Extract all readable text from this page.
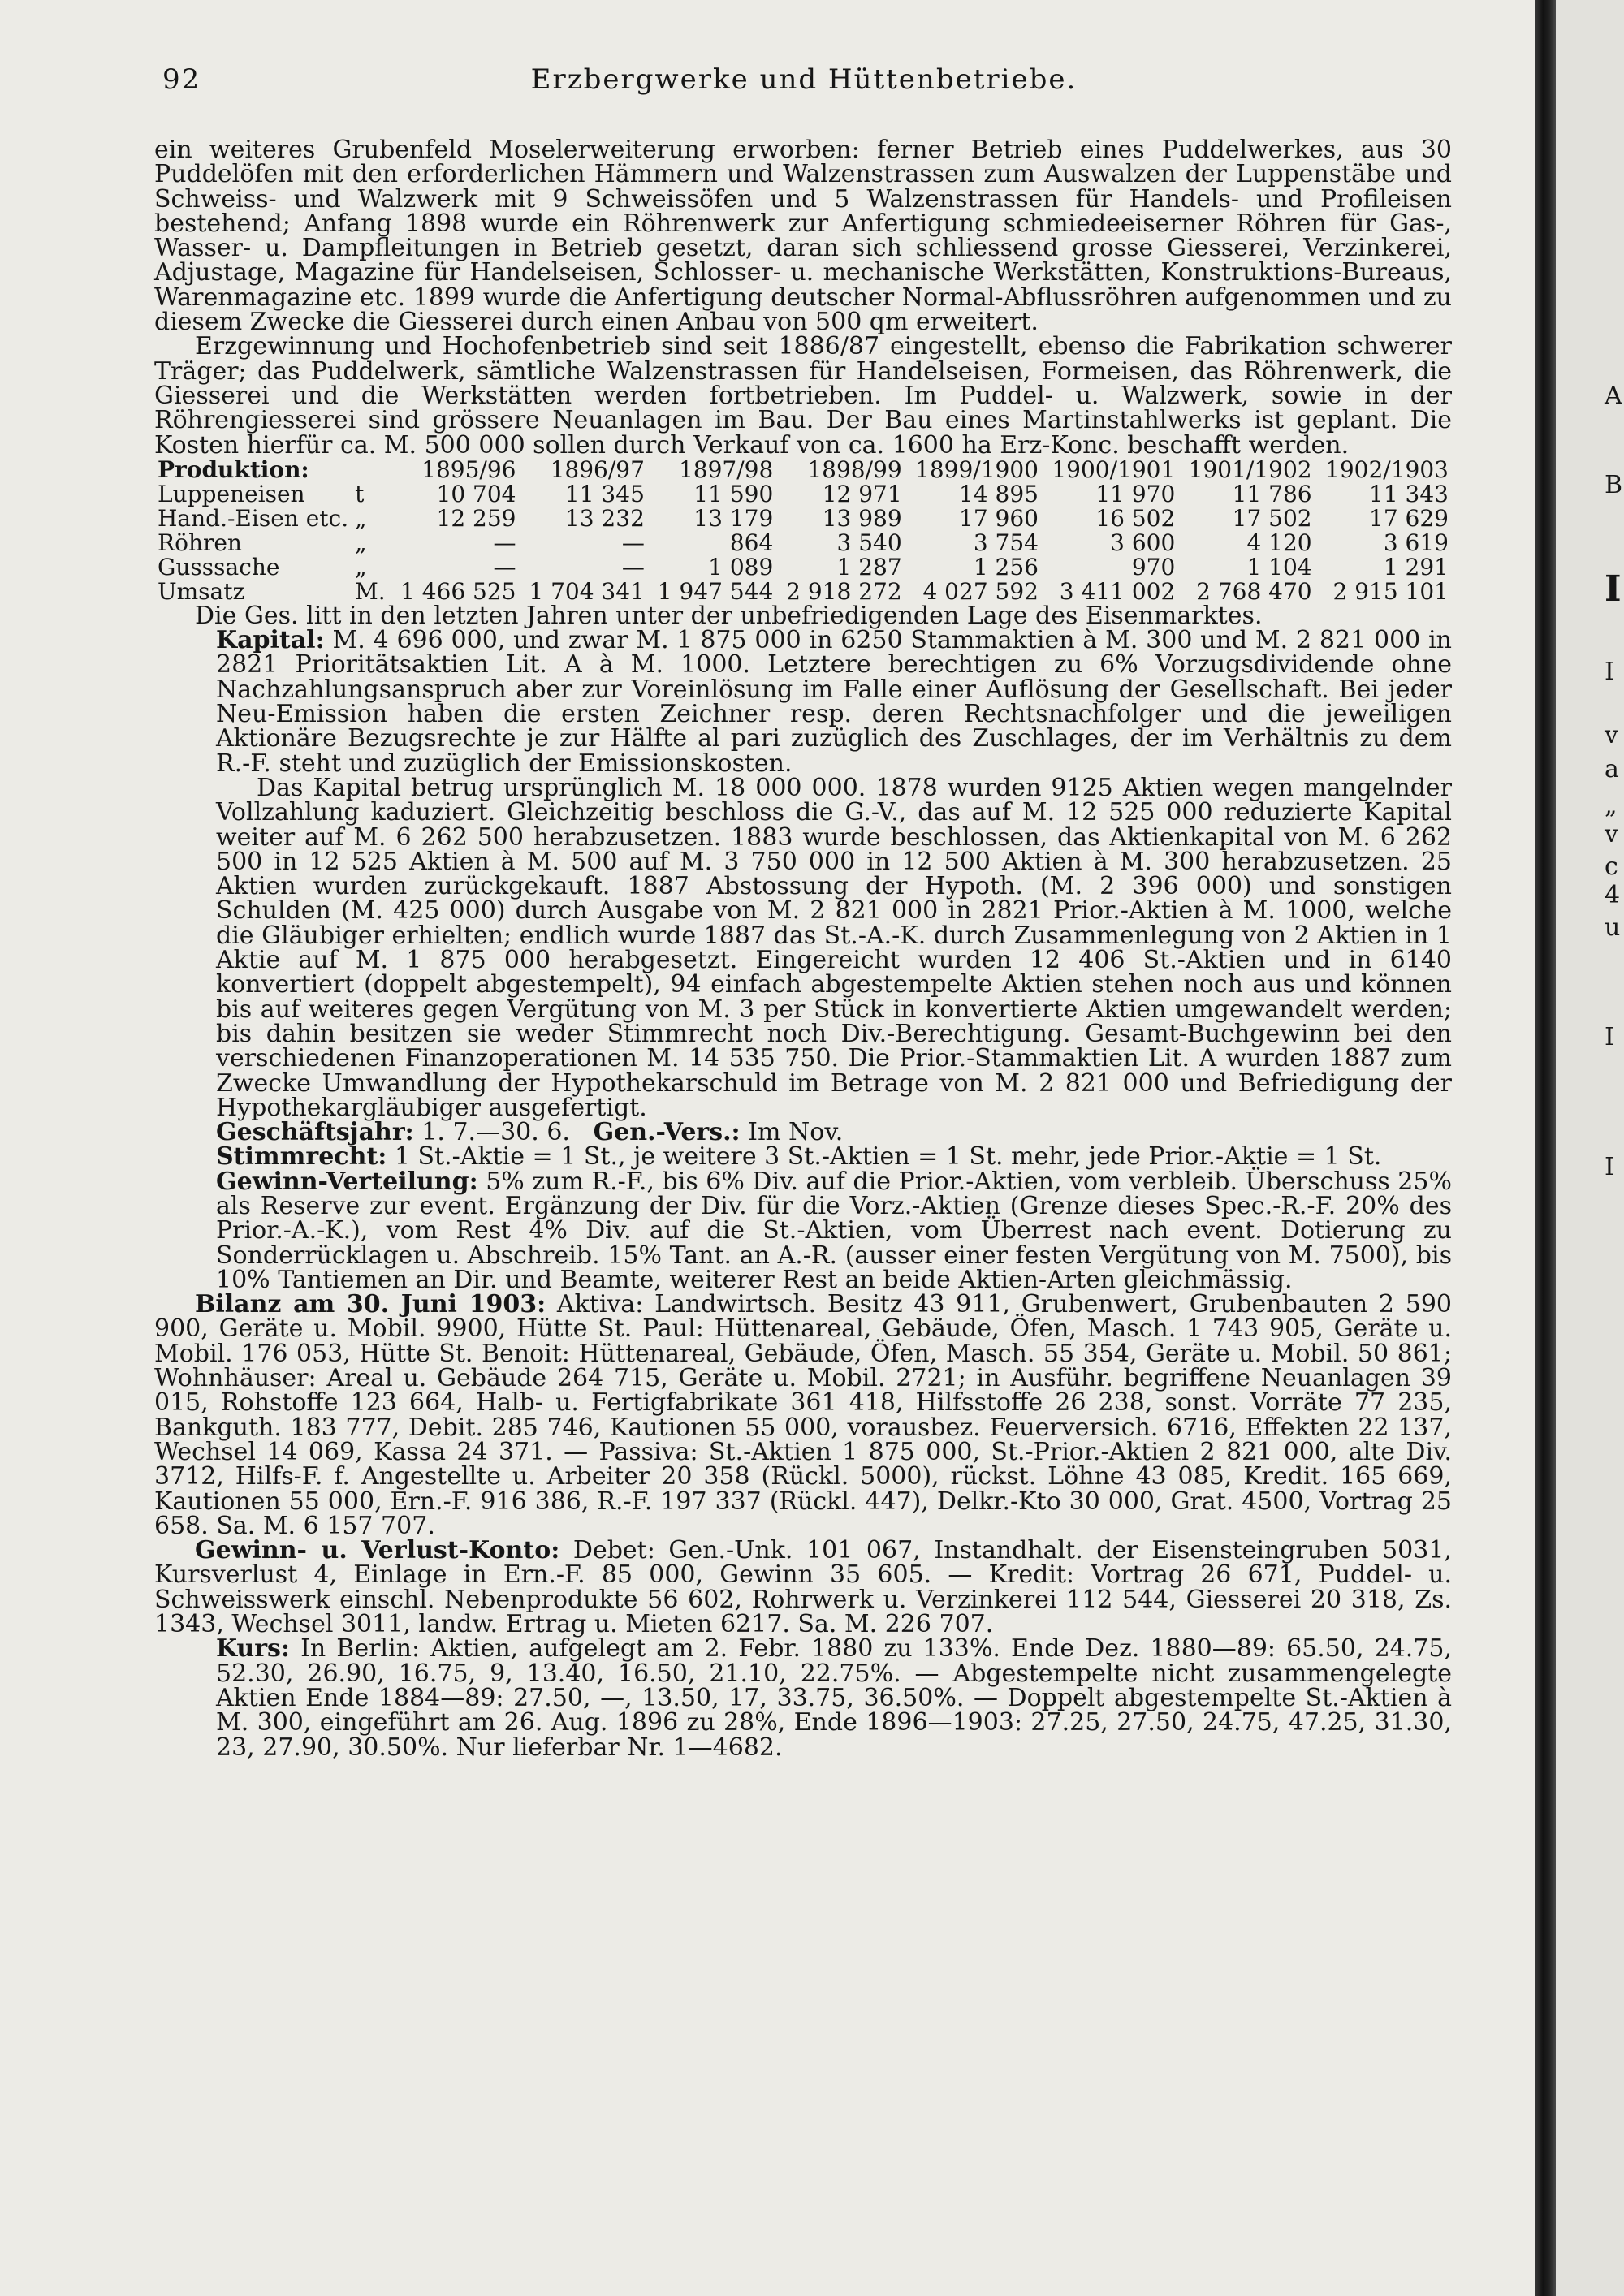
92	Erzbergwerke und Hüttenbetriebe.

ein weiteres Grubenfeld Moselerweiterung erworben: ferner Betrieb eines Puddelwerkes, aus 30 Puddelöfen mit den erforderlichen Hämmern und Walzenstrassen zum Auswalzen der Luppenstäbe und Schweiss- und Walzwerk mit 9 Schweissöfen und 5 Walzenstrassen für Handels- und Profileisen bestehend; Anfang 1898 wurde ein Röhrenwerk zur Anfertigung schmiedeeiserner Röhren für Gas-, Wasser- u. Dampfleitungen in Betrieb gesetzt, daran sich schliessend grosse Giesserei, Verzinkerei, Adjustage, Magazine für Handelseisen, Schlosser- u. mechanische Werkstätten, Konstruktions-Bureaus, Warenmagazine etc. 1899 wurde die Anfertigung deutscher Normal-Abflussröhren aufgenommen und zu diesem Zwecke die Giesserei durch einen Anbau von 500 qm erweitert.

Erzgewinnung und Hochofenbetrieb sind seit 1886/87 eingestellt, ebenso die Fabrikation schwerer Träger; das Puddelwerk, sämtliche Walzenstrassen für Handelseisen, Formeisen, das Röhrenwerk, die Giesserei und die Werkstätten werden fortbetrieben. Im Puddel- u. Walzwerk, sowie in der Röhrengiesserei sind grössere Neuanlagen im Bau. Der Bau eines Martinstahlwerks ist geplant. Die Kosten hierfür ca. M. 500 000 sollen durch Verkauf von ca. 1600 ha Erz-Konc. beschafft werden.

Produktion:		1895/96	1896/97	1897/98	1898/99	1899/1900	1900/1901	1901/1902	1902/1903
Luppeneisen	t	10 704	11 345	11 590	12 971	14 895	11 970	11 786	11 343
Hand.-Eisen etc.	„	12 259	13 232	13 179	13 989	17 960	16 502	17 502	17 629
Röhren	„	—	—	864	3 540	3 754	3 600	4 120	3 619
Gusssache	„	—	—	1 089	1 287	1 256	970	1 104	1 291
Umsatz	M.	1 466 525	1 704 341	1 947 544	2 918 272	4 027 592	3 411 002	2 768 470	2 915 101

Die Ges. litt in den letzten Jahren unter der unbefriedigenden Lage des Eisenmarktes.

Kapital: M. 4 696 000, und zwar M. 1 875 000 in 6250 Stammaktien à M. 300 und M. 2 821 000 in 2821 Prioritätsaktien Lit. A à M. 1000. Letztere berechtigen zu 6% Vorzugsdividende ohne Nachzahlungsanspruch aber zur Voreinlösung im Falle einer Auflösung der Gesellschaft. Bei jeder Neu-Emission haben die ersten Zeichner resp. deren Rechtsnachfolger und die jeweiligen Aktionäre Bezugsrechte je zur Hälfte al pari zuzüglich des Zuschlages, der im Verhältnis zu dem R.-F. steht und zuzüglich der Emissionskosten.

Das Kapital betrug ursprünglich M. 18 000 000. 1878 wurden 9125 Aktien wegen mangelnder Vollzahlung kaduziert. Gleichzeitig beschloss die G.-V., das auf M. 12 525 000 reduzierte Kapital weiter auf M. 6 262 500 herabzusetzen. 1883 wurde beschlossen, das Aktienkapital von M. 6 262 500 in 12 525 Aktien à M. 500 auf M. 3 750 000 in 12 500 Aktien à M. 300 herabzusetzen. 25 Aktien wurden zurückgekauft. 1887 Abstossung der Hypoth. (M. 2 396 000) und sonstigen Schulden (M. 425 000) durch Ausgabe von M. 2 821 000 in 2821 Prior.-Aktien à M. 1000, welche die Gläubiger erhielten; endlich wurde 1887 das St.-A.-K. durch Zusammenlegung von 2 Aktien in 1 Aktie auf M. 1 875 000 herabgesetzt. Eingereicht wurden 12 406 St.-Aktien und in 6140 konvertiert (doppelt abgestempelt), 94 einfach abgestempelte Aktien stehen noch aus und können bis auf weiteres gegen Vergütung von M. 3 per Stück in konvertierte Aktien umgewandelt werden; bis dahin besitzen sie weder Stimmrecht noch Div.-Berechtigung. Gesamt-Buchgewinn bei den verschiedenen Finanzoperationen M. 14 535 750. Die Prior.-Stammaktien Lit. A wurden 1887 zum Zwecke Umwandlung der Hypothekarschuld im Betrage von M. 2 821 000 und Befriedigung der Hypothekargläubiger ausgefertigt.

Geschäftsjahr: 1. 7.—30. 6. Gen.-Vers.: Im Nov.

Stimmrecht: 1 St.-Aktie = 1 St., je weitere 3 St.-Aktien = 1 St. mehr, jede Prior.-Aktie = 1 St.

Gewinn-Verteilung: 5% zum R.-F., bis 6% Div. auf die Prior.-Aktien, vom verbleib. Überschuss 25% als Reserve zur event. Ergänzung der Div. für die Vorz.-Aktien (Grenze dieses Spec.-R.-F. 20% des Prior.-A.-K.), vom Rest 4% Div. auf die St.-Aktien, vom Überrest nach event. Dotierung zu Sonderrücklagen u. Abschreib. 15% Tant. an A.-R. (ausser einer festen Vergütung von M. 7500), bis 10% Tantiemen an Dir. und Beamte, weiterer Rest an beide Aktien-Arten gleichmässig.

Bilanz am 30. Juni 1903: Aktiva: Landwirtsch. Besitz 43 911, Grubenwert, Grubenbauten 2 590 900, Geräte u. Mobil. 9900, Hütte St. Paul: Hüttenareal, Gebäude, Öfen, Masch. 1 743 905, Geräte u. Mobil. 176 053, Hütte St. Benoit: Hüttenareal, Gebäude, Öfen, Masch. 55 354, Geräte u. Mobil. 50 861; Wohnhäuser: Areal u. Gebäude 264 715, Geräte u. Mobil. 2721; in Ausführ. begriffene Neuanlagen 39 015, Rohstoffe 123 664, Halb- u. Fertigfabrikate 361 418, Hilfsstoffe 26 238, sonst. Vorräte 77 235, Bankguth. 183 777, Debit. 285 746, Kautionen 55 000, vorausbez. Feuerversich. 6716, Effekten 22 137, Wechsel 14 069, Kassa 24 371. — Passiva: St.-Aktien 1 875 000, St.-Prior.-Aktien 2 821 000, alte Div. 3712, Hilfs-F. f. Angestellte u. Arbeiter 20 358 (Rückl. 5000), rückst. Löhne 43 085, Kredit. 165 669, Kautionen 55 000, Ern.-F. 916 386, R.-F. 197 337 (Rückl. 447), Delkr.-Kto 30 000, Grat. 4500, Vortrag 25 658. Sa. M. 6 157 707.

Gewinn- u. Verlust-Konto: Debet: Gen.-Unk. 101 067, Instandhalt. der Eisensteingruben 5031, Kursverlust 4, Einlage in Ern.-F. 85 000, Gewinn 35 605. — Kredit: Vortrag 26 671, Puddel- u. Schweisswerk einschl. Nebenprodukte 56 602, Rohrwerk u. Verzinkerei 112 544, Giesserei 20 318, Zs. 1343, Wechsel 3011, landw. Ertrag u. Mieten 6217. Sa. M. 226 707.

Kurs: In Berlin: Aktien, aufgelegt am 2. Febr. 1880 zu 133%. Ende Dez. 1880—89: 65.50, 24.75, 52.30, 26.90, 16.75, 9, 13.40, 16.50, 21.10, 22.75%. — Abgestempelte nicht zusammengelegte Aktien Ende 1884—89: 27.50, —, 13.50, 17, 33.75, 36.50%. — Doppelt abgestempelte St.-Aktien à M. 300, eingeführt am 26. Aug. 1896 zu 28%, Ende 1896—1903: 27.25, 27.50, 24.75, 47.25, 31.30, 23, 27.90, 30.50%. Nur lieferbar Nr. 1—4682.

A
B
I
I
v
a
„
v
c
4
u
I
I
